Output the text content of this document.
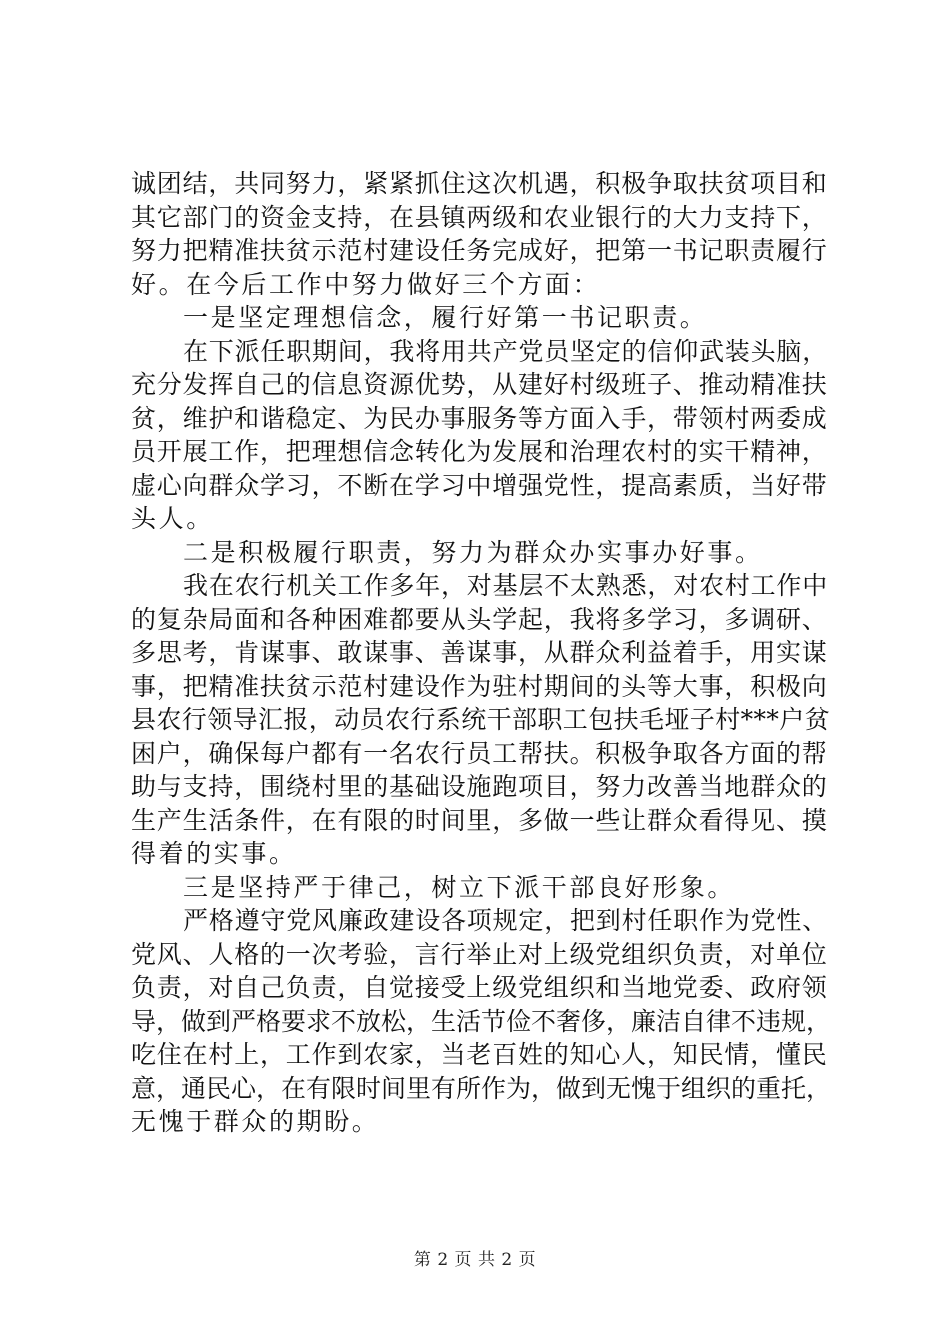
诚团结，共同努力，紧紧抓住这次机遇，积极争取扶贫项目和
其它部门的资金支持，在县镇两级和农业银行的大力支持下，
努力把精准扶贫示范村建设任务完成好，把第一书记职责履行
好。在今后工作中努力做好三个方面：
一是坚定理想信念，履行好第一书记职责。
在下派任职期间，我将用共产党员坚定的信仰武装头脑，
充分发挥自己的信息资源优势，从建好村级班子、推动精准扶
贫，维护和谐稳定、为民办事服务等方面入手，带领村两委成
员开展工作，把理想信念转化为发展和治理农村的实干精神，
虚心向群众学习，不断在学习中增强党性，提高素质，当好带
头人。
二是积极履行职责，努力为群众办实事办好事。
我在农行机关工作多年，对基层不太熟悉，对农村工作中
的复杂局面和各种困难都要从头学起，我将多学习，多调研、
多思考，肯谋事、敢谋事、善谋事，从群众利益着手，用实谋
事，把精准扶贫示范村建设作为驻村期间的头等大事，积极向
县农行领导汇报，动员农行系统干部职工包扶毛垭子村***户贫
困户，确保每户都有一名农行员工帮扶。积极争取各方面的帮
助与支持，围绕村里的基础设施跑项目，努力改善当地群众的
生产生活条件，在有限的时间里，多做一些让群众看得见、摸
得着的实事。
三是坚持严于律己，树立下派干部良好形象。
严格遵守党风廉政建设各项规定，把到村任职作为党性、
党风、人格的一次考验，言行举止对上级党组织负责，对单位
负责，对自己负责，自觉接受上级党组织和当地党委、政府领
导，做到严格要求不放松，生活节俭不奢侈，廉洁自律不违规，
吃住在村上，工作到农家，当老百姓的知心人，知民情，懂民
意，通民心，在有限时间里有所作为，做到无愧于组织的重托，
无愧于群众的期盼。
第 2 页 共 2 页
